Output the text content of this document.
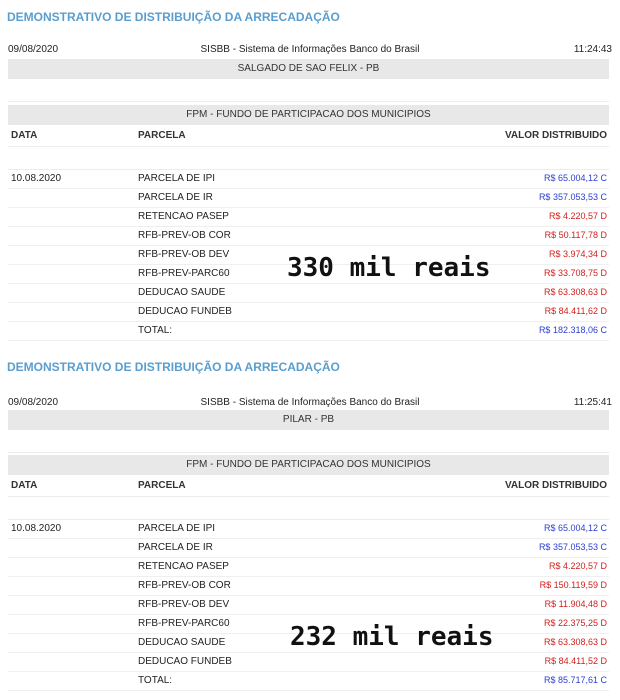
DEMONSTRATIVO DE DISTRIBUIÇÃO DA ARRECADAÇÃO
09/08/2020	SISBB - Sistema de Informações Banco do Brasil	11:24:43
SALGADO DE SAO FELIX - PB
FPM - FUNDO DE PARTICIPACAO DOS MUNICIPIOS
DATA	PARCELA	VALOR DISTRIBUIDO
10.08.2020	PARCELA DE IPI	R$ 65.004,12 C
PARCELA DE IR	R$ 357.053,53 C
RETENCAO PASEP	R$ 4.220,57 D
RFB-PREV-OB COR	R$ 50.117,78 D
RFB-PREV-OB DEV	R$ 3.974,34 D
RFB-PREV-PARC60	R$ 33.708,75 D
DEDUCAO SAUDE	R$ 63.308,63 D
DEDUCAO FUNDEB	R$ 84.411,62 D
TOTAL:	R$ 182.318,06 C
330 mil reais
DEMONSTRATIVO DE DISTRIBUIÇÃO DA ARRECADAÇÃO
09/08/2020	SISBB - Sistema de Informações Banco do Brasil	11:25:41
PILAR - PB
FPM - FUNDO DE PARTICIPACAO DOS MUNICIPIOS
DATA	PARCELA	VALOR DISTRIBUIDO
10.08.2020	PARCELA DE IPI	R$ 65.004,12 C
PARCELA DE IR	R$ 357.053,53 C
RETENCAO PASEP	R$ 4.220,57 D
RFB-PREV-OB COR	R$ 150.119,59 D
RFB-PREV-OB DEV	R$ 11.904,48 D
RFB-PREV-PARC60	R$ 22.375,25 D
DEDUCAO SAUDE	R$ 63.308,63 D
DEDUCAO FUNDEB	R$ 84.411,52 D
TOTAL:	R$ 85.717,61 C
232 mil reais
